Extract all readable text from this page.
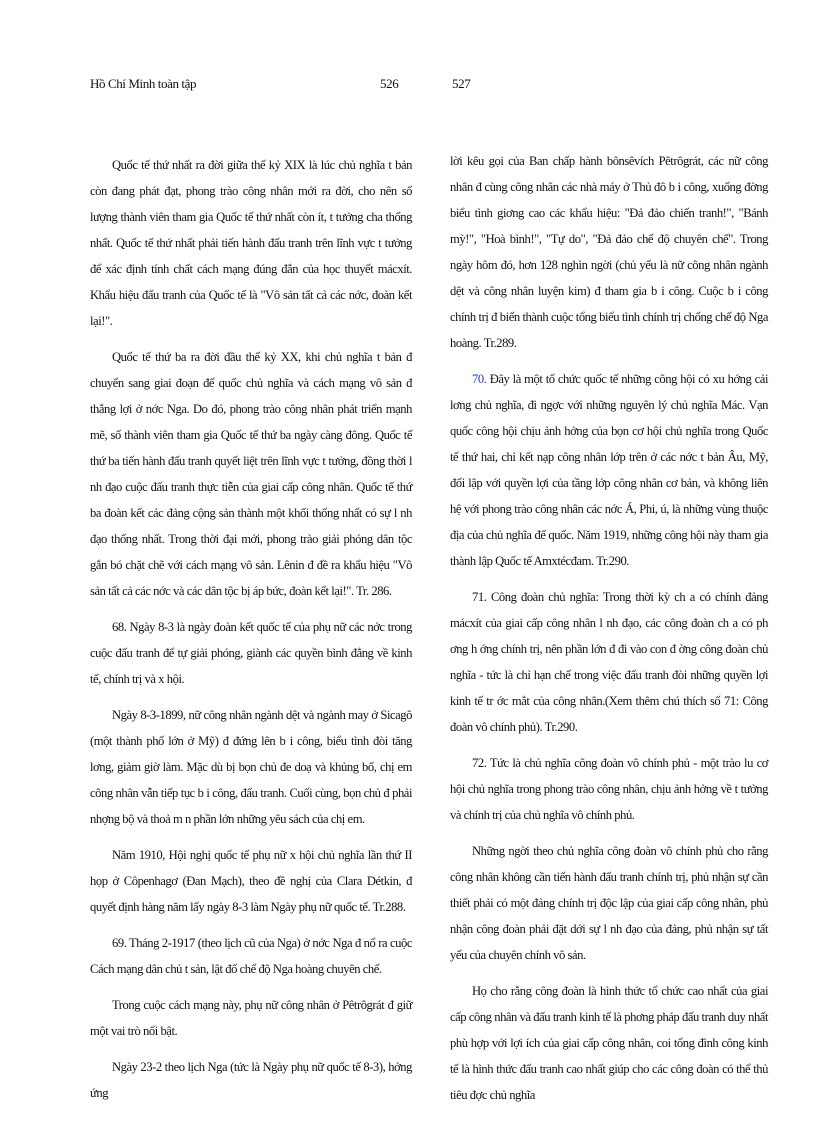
Hồ Chí Minh toàn tập	526	527

Quốc tế thứ nhất ra đời giữa thế kỷ XIX là lúc chủ nghĩa t bản còn đang phát đạt, phong trào công nhân mới ra đời, cho nên số lượng thành viên tham gia Quốc tế thứ nhất còn ít, t tưởng cha thống nhất. Quốc tế thứ nhất phải tiến hành đấu tranh trên lĩnh vực t tưởng để xác định tính chất cách mạng đúng đắn của học thuyết mácxít. Khẩu hiệu đấu tranh của Quốc tế là "Vô sản tất cả các nớc, đoàn kết lại!".

Quốc tế thứ ba ra đời đầu thế kỷ XX, khi chủ nghĩa t bản đ chuyển sang giai đoạn đế quốc chủ nghĩa và cách mạng vô sản đ thắng lợi ở nớc Nga. Do đó, phong trào công nhân phát triển mạnh mẽ, số thành viên tham gia Quốc tế thứ ba ngày càng đông. Quốc tế thứ ba tiến hành đấu tranh quyết liệt trên lĩnh vực t tưởng, đồng thời l nh đạo cuộc đấu tranh thực tiễn của giai cấp công nhân. Quốc tế thứ ba đoàn kết các đảng cộng sản thành một khối thống nhất có sự l nh đạo thống nhất. Trong thời đại mới, phong trào giải phóng dân tộc gắn bó chặt chẽ với cách mạng vô sản. Lênin đ đề ra khẩu hiệu "Vô sản tất cả các nớc và các dân tộc bị áp bức, đoàn kết lại!". Tr. 286.

68. Ngày 8-3 là ngày đoàn kết quốc tế của phụ nữ các nớc trong cuộc đấu tranh để tự giải phóng, giành các quyền bình đẳng về kinh tế, chính trị và x hội.

Ngày 8-3-1899, nữ công nhân ngành dệt và ngành may ở Sicagô (một thành phố lớn ở Mỹ) đ đứng lên b i công, biểu tình đòi tăng lơng, giảm giờ làm. Mặc dù bị bọn chủ đe doạ và khủng bố, chị em công nhân vẫn tiếp tục b i công, đấu tranh. Cuối cùng, bọn chủ đ phải nhợng bộ và thoả m n phần lớn những yêu sách của chị em.

Năm 1910, Hội nghị quốc tế phụ nữ x hội chủ nghĩa lần thứ II họp ở Côpenhagơ (Đan Mạch), theo đề nghị của Clara Détkin, đ quyết định hàng năm lấy ngày 8-3 làm Ngày phụ nữ quốc tế. Tr.288.

69. Tháng 2-1917 (theo lịch cũ của Nga) ở nớc Nga đ nổ ra cuộc Cách mạng dân chủ t sản, lật đổ chế độ Nga hoàng chuyên chế.

Trong cuộc cách mạng này, phụ nữ công nhân ở Pêtrôgrát đ giữ một vai trò nổi bật.

Ngày 23-2 theo lịch Nga (tức là Ngày phụ nữ quốc tế 8-3), hởng ứng

lời kêu gọi của Ban chấp hành bônsêvích Pêtrôgrát, các nữ công nhân đ cùng công nhân các nhà máy ở Thủ đô b i công, xuống đờng biểu tình giơng cao các khẩu hiệu: "Đả đảo chiến tranh!", "Bánh mỳ!", "Hoà bình!", "Tự do", "Đả đảo chế độ chuyên chế". Trong ngày hôm đó, hơn 128 nghìn ngời (chủ yếu là nữ công nhân ngành dệt và công nhân luyện kim) đ tham gia b i công. Cuộc b i công chính trị đ biến thành cuộc tổng biểu tình chính trị chống chế độ Nga hoàng. Tr.289.

70. Đây là một tổ chức quốc tế những công hội có xu hớng cải lơng chủ nghĩa, đi ngợc với những nguyên lý chủ nghĩa Mác. Vạn quốc công hội chịu ảnh hởng của bọn cơ hội chủ nghĩa trong Quốc tế thứ hai, chỉ kết nạp công nhân lớp trên ở các nớc t bản Âu, Mỹ, đối lập với quyền lợi của tầng lớp công nhân cơ bản, và không liên hệ với phong trào công nhân các nớc Á, Phi, ú, là những vùng thuộc địa của chủ nghĩa đế quốc. Năm 1919, những công hội này tham gia thành lập Quốc tế Amxtécđam. Tr.290.

71. Công đoàn chủ nghĩa: Trong thời kỳ ch a có chính đảng mácxít của giai cấp công nhân l nh đạo, các công đoàn ch a có ph ơng h ớng chính trị, nên phần lớn đ đi vào con đ ờng công đoàn chủ nghĩa - tức là chỉ hạn chế trong việc đấu tranh đòi những quyền lợi kinh tế tr ớc mắt của công nhân.(Xem thêm chú thích số 71: Công đoàn vô chính phủ). Tr.290.

72. Tức là chủ nghĩa công đoàn vô chính phủ - một trào lu cơ hội chủ nghĩa trong phong trào công nhân, chịu ảnh hởng về t tưởng và chính trị của chủ nghĩa vô chính phủ.

Những ngời theo chủ nghĩa công đoàn vô chính phủ cho rằng công nhân không cần tiến hành đấu tranh chính trị, phủ nhận sự cần thiết phải có một đảng chính trị độc lập của giai cấp công nhân, phủ nhận công đoàn phải đặt dới sự l nh đạo của đảng, phủ nhận sự tất yếu của chuyên chính vô sản.

Họ cho rằng công đoàn là hình thức tổ chức cao nhất của giai cấp công nhân và đấu tranh kinh tế là phơng pháp đấu tranh duy nhất phù hợp với lợi ích của giai cấp công nhân, coi tổng đình công kinh tế là hình thức đấu tranh cao nhất giúp cho các công đoàn có thể thủ tiêu đợc chủ nghĩa
